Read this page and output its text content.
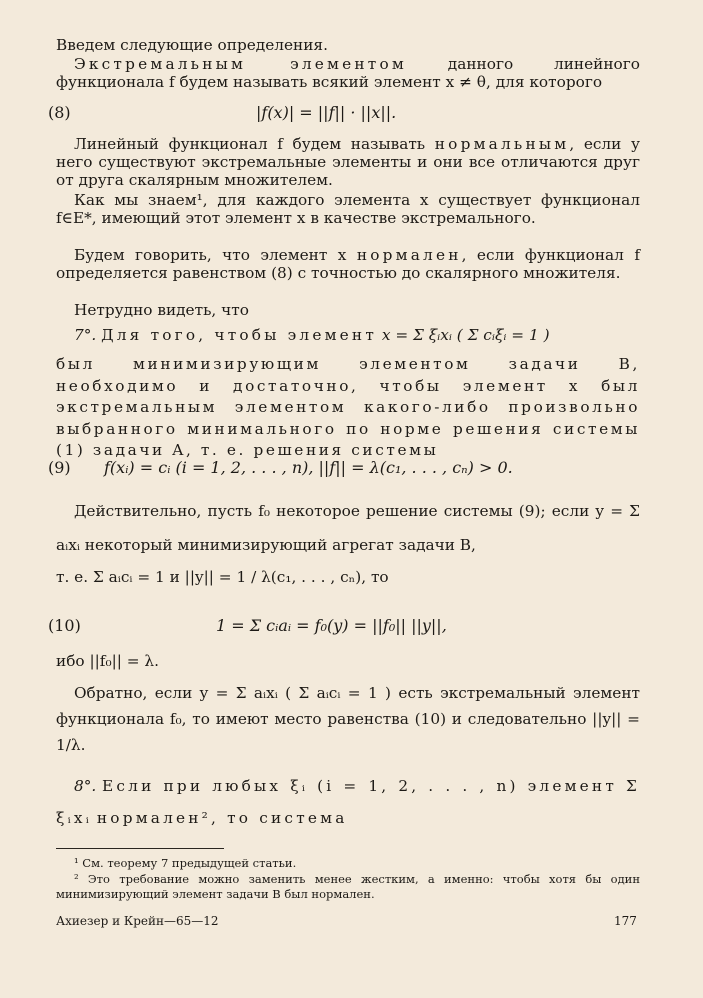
Введем следующие определения.
Экстремальным элементом данного линейного функционала f будем называть всякий элемент x ≠ θ, для которого
(8)	|f(x)| = ||f|| · ||x||.
Линейный функционал f будем называть нормальным, если у него существуют экстремальные элементы и они все отличаются друг от друга скалярным множителем.
Как мы знаем¹, для каждого элемента x существует функционал f∈E*, имеющий этот элемент x в качестве экстремального.
Будем говорить, что элемент x нормален, если функционал f определяется равенством (8) с точностью до скалярного множителя.
Нетрудно видеть, что
7°. Для того, чтобы элемент x = Σ ξᵢxᵢ ( Σ cᵢξᵢ = 1 )
был минимизирующим элементом задачи B, необходимо и достаточно, чтобы элемент x был экстремальным элементом какого-либо произвольно выбранного минимального по норме решения системы (1) задачи A, т. е. решения системы
(9) f(xᵢ) = cᵢ (i = 1, 2, . . . , n), ||f|| = λ(c₁, . . . , cₙ) > 0.
Действительно, пусть f₀ некоторое решение системы (9); если y = Σ aᵢxᵢ некоторый минимизирующий агрегат задачи B,
т. е. Σ aᵢcᵢ = 1 и ||y|| = 1 / λ(c₁, . . . , cₙ), то
(10)	1 = Σ cᵢaᵢ = f₀(y) = ||f₀|| ||y||,
ибо ||f₀|| = λ.
Обратно, если y = Σ aᵢxᵢ ( Σ aᵢcᵢ = 1 ) есть экстремальный элемент функционала f₀, то имеют место равенства (10) и следовательно ||y|| = 1/λ.
8°. Если при любых ξᵢ (i = 1, 2, . . . , n) элемент Σ ξᵢxᵢ нормален², то система
¹ См. теорему 7 предыдущей статьи.
² Это требование можно заменить менее жестким, а именно: чтобы хотя бы один минимизирующий элемент задачи B был нормален.
Ахиезер и Крейн—65—12	177
